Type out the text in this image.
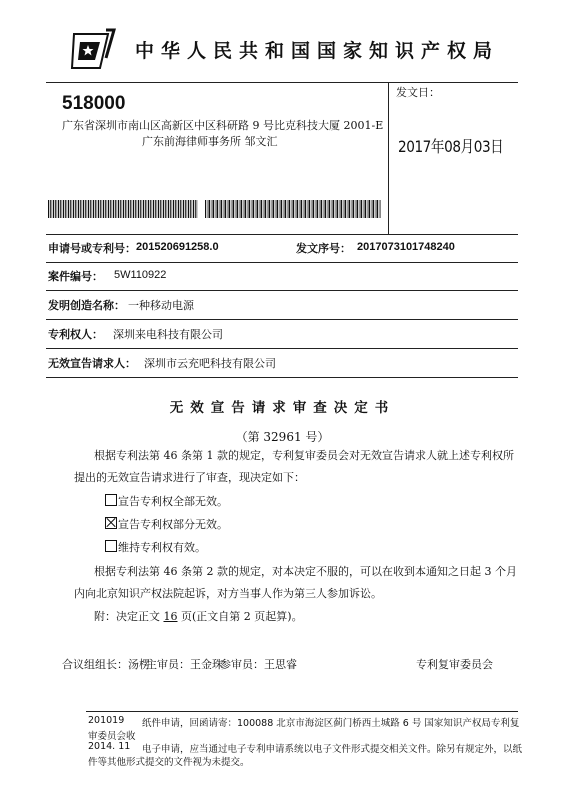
中华人民共和国国家知识产权局
518000
广东省深圳市南山区高新区中区科研路 9 号比克科技大厦 2001-E
广东前海律师事务所 邹文汇
发文日：
2017年08月03日
申请号或专利号： 201520691258.0	发文序号： 2017073101748240
案件编号： 5W110922
发明创造名称： 一种移动电源
专利权人： 深圳来电科技有限公司
无效宣告请求人： 深圳市云充吧科技有限公司
无效宣告请求审查决定书
（第 32961 号）
根据专利法第 46 条第 1 款的规定，专利复审委员会对无效宣告请求人就上述专利权所
提出的无效宣告请求进行了审查，现决定如下：
宣告专利权全部无效。
宣告专利权部分无效。
维持专利权有效。
根据专利法第 46 条第 2 款的规定，对本决定不服的，可以在收到本通知之日起 3 个月
内向北京知识产权法院起诉，对方当事人作为第三人参加诉讼。
附：决定正文 16 页(正文自第 2 页起算)。
合议组组长：汤楞
主审员：王金珠
参审员：王思睿	专利复审委员会
201019 纸件申请，回函请寄：100088 北京市海淀区蓟门桥西土城路 6 号 国家知识产权局专利复
审委员会收
2014. 11 电子申请，应当通过电子专利申请系统以电子文件形式提交相关文件。除另有规定外，以纸
件等其他形式提交的文件视为未提交。
